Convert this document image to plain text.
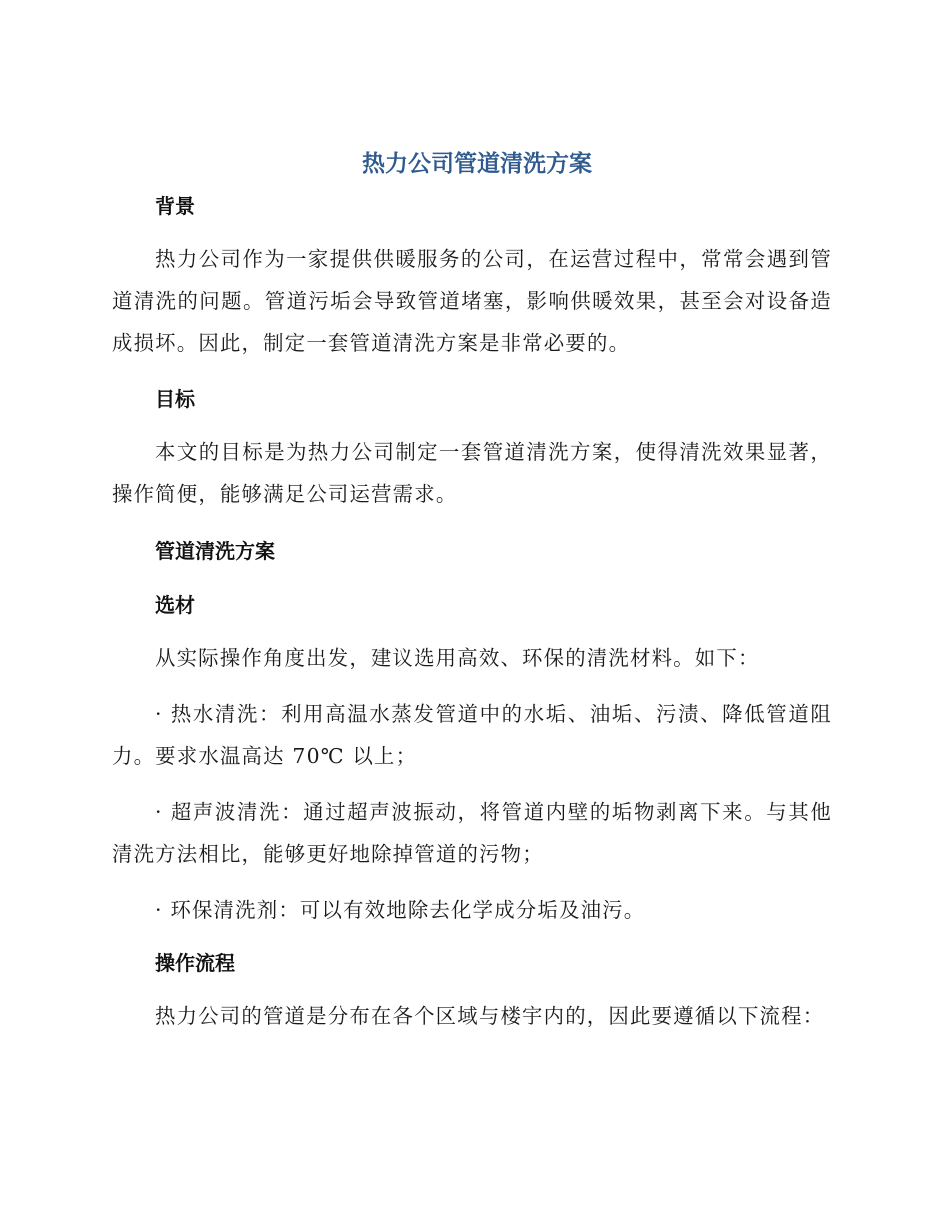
热力公司管道清洗方案
背景

热力公司作为一家提供供暖服务的公司，在运营过程中，常常会遇到管道清洗的问题。管道污垢会导致管道堵塞，影响供暖效果，甚至会对设备造成损坏。因此，制定一套管道清洗方案是非常必要的。

目标

本文的目标是为热力公司制定一套管道清洗方案，使得清洗效果显著，操作简便，能够满足公司运营需求。

管道清洗方案
选材

从实际操作角度出发，建议选用高效、环保的清洗材料。如下：

· 热水清洗：利用高温水蒸发管道中的水垢、油垢、污渍、降低管道阻力。要求水温高达 70℃ 以上；

· 超声波清洗：通过超声波振动，将管道内壁的垢物剥离下来。与其他清洗方法相比，能够更好地除掉管道的污物；

· 环保清洗剂：可以有效地除去化学成分垢及油污。

操作流程

热力公司的管道是分布在各个区域与楼宇内的，因此要遵循以下流程：
